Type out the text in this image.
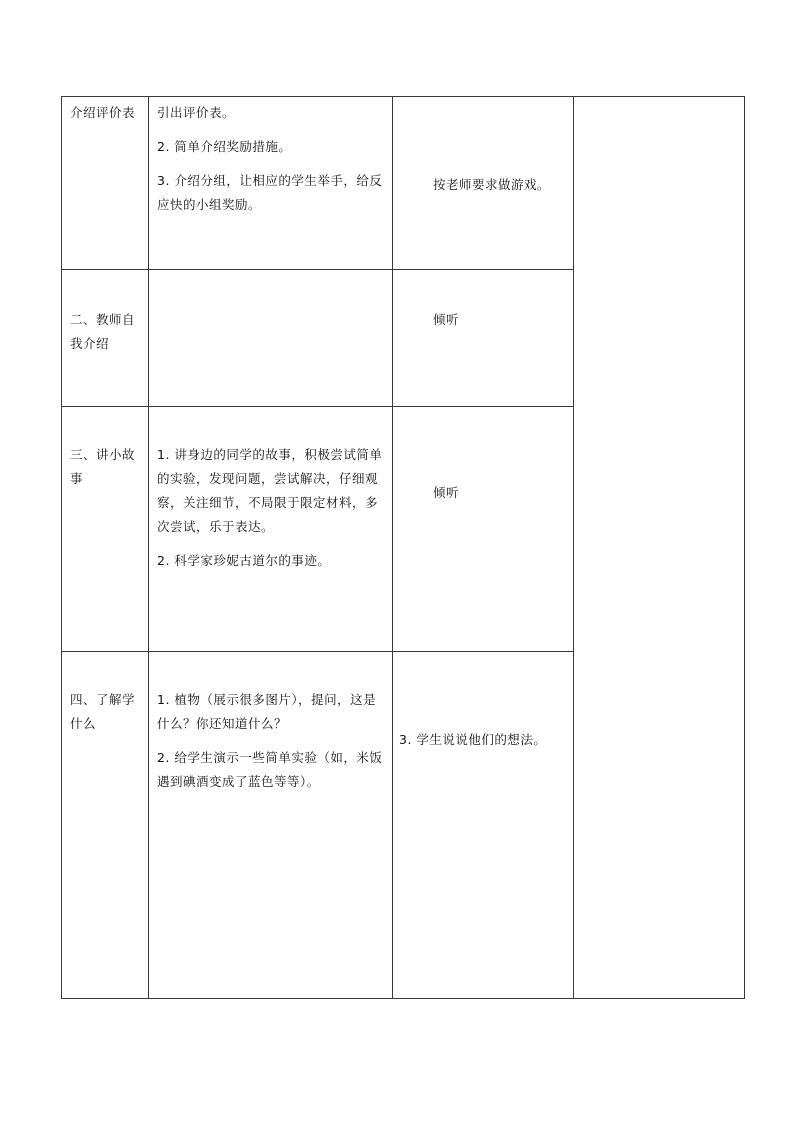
介绍评价表	引出评价表。

2. 简单介绍奖励措施。

3. 介绍分组，让相应的学生举手，给反应快的小组奖励。	按老师要求做游戏。	

二、教师自我介绍		倾听	

三、讲小故事	1. 讲身边的同学的故事，积极尝试简单的实验，发现问题，尝试解决，仔细观察，关注细节，不局限于限定材料，多次尝试，乐于表达。

2. 科学家珍妮古道尔的事迹。	倾听	

四、了解学什么	1. 植物（展示很多图片），提问，这是什么？你还知道什么？

2. 给学生演示一些简单实验（如，米饭遇到碘酒变成了蓝色等等）。	3. 学生说说他们的想法。	
